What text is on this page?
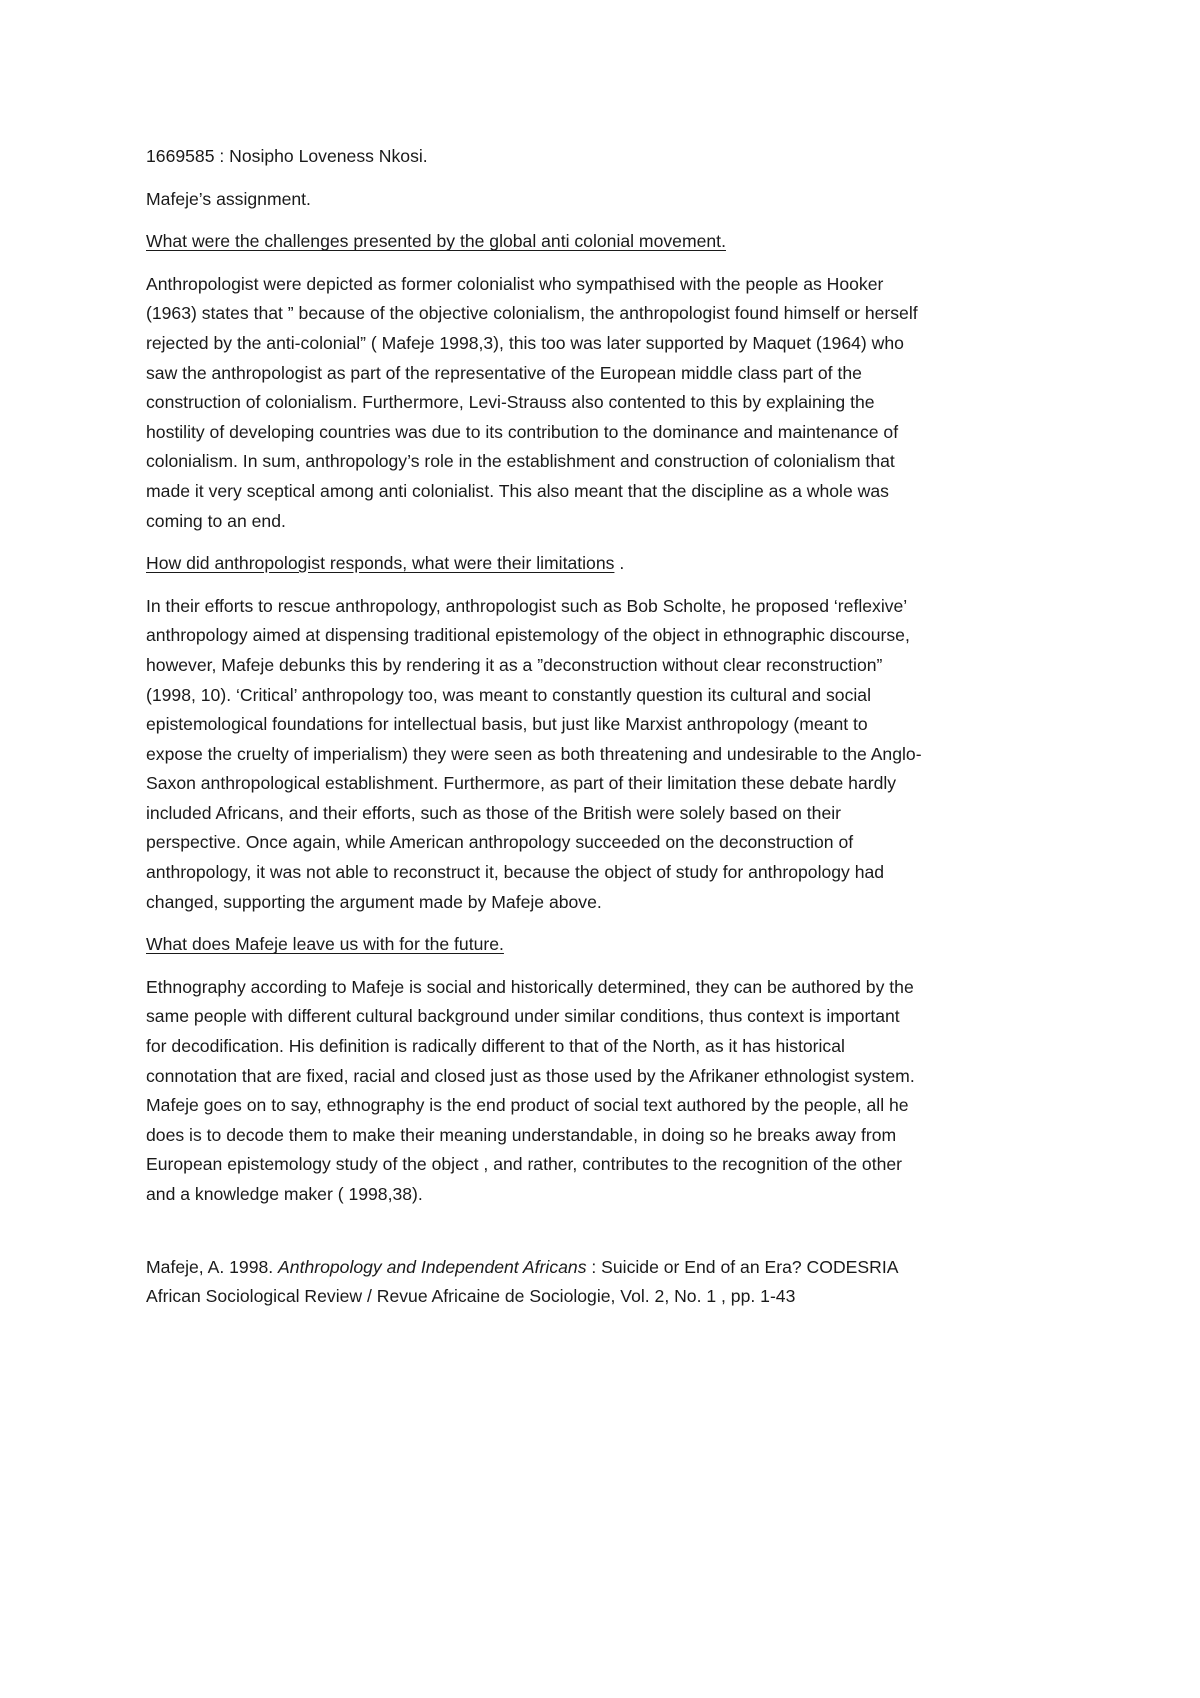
1669585 : Nosipho Loveness Nkosi.

Mafeje’s assignment.

What were the challenges presented by the global anti colonial movement.

Anthropologist were depicted as former colonialist who sympathised with the people as Hooker
(1963) states that ” because of the objective colonialism, the anthropologist found himself or herself
rejected by the anti-colonial” ( Mafeje 1998,3), this too was later supported by Maquet (1964) who
saw the anthropologist as part of the representative of the European middle class part of the
construction of colonialism. Furthermore, Levi-Strauss also contented to this by explaining the
hostility of developing countries was due to its contribution to the dominance and maintenance of
colonialism. In sum, anthropology’s role in the establishment and construction of colonialism that
made it very sceptical among anti colonialist. This also meant that the discipline as a whole was
coming to an end.

How did anthropologist responds, what were their limitations .

In their efforts to rescue anthropology, anthropologist such as Bob Scholte, he proposed ‘reflexive’
anthropology aimed at dispensing traditional epistemology of the object in ethnographic discourse,
however, Mafeje debunks this by rendering it as a ”deconstruction without clear reconstruction”
(1998, 10). ‘Critical’ anthropology too, was meant to constantly question its cultural and social
epistemological foundations for intellectual basis, but just like Marxist anthropology (meant to
expose the cruelty of imperialism) they were seen as both threatening and undesirable to the Anglo-
Saxon anthropological establishment. Furthermore, as part of their limitation these debate hardly
included Africans, and their efforts, such as those of the British were solely based on their
perspective. Once again, while American anthropology succeeded on the deconstruction of
anthropology, it was not able to reconstruct it, because the object of study for anthropology had
changed, supporting the argument made by Mafeje above.

What does Mafeje leave us with for the future.

Ethnography according to Mafeje is social and historically determined, they can be authored by the
same people with different cultural background under similar conditions, thus context is important
for decodification. His definition is radically different to that of the North, as it has historical
connotation that are fixed, racial and closed just as those used by the Afrikaner ethnologist system.
Mafeje goes on to say, ethnography is the end product of social text authored by the people, all he
does is to decode them to make their meaning understandable, in doing so he breaks away from
European epistemology study of the object , and rather, contributes to the recognition of the other
and a knowledge maker ( 1998,38).
Mafeje, A. 1998. Anthropology and Independent Africans : Suicide or End of an Era? CODESRIA
African Sociological Review / Revue Africaine de Sociologie, Vol. 2, No. 1 , pp. 1-43
